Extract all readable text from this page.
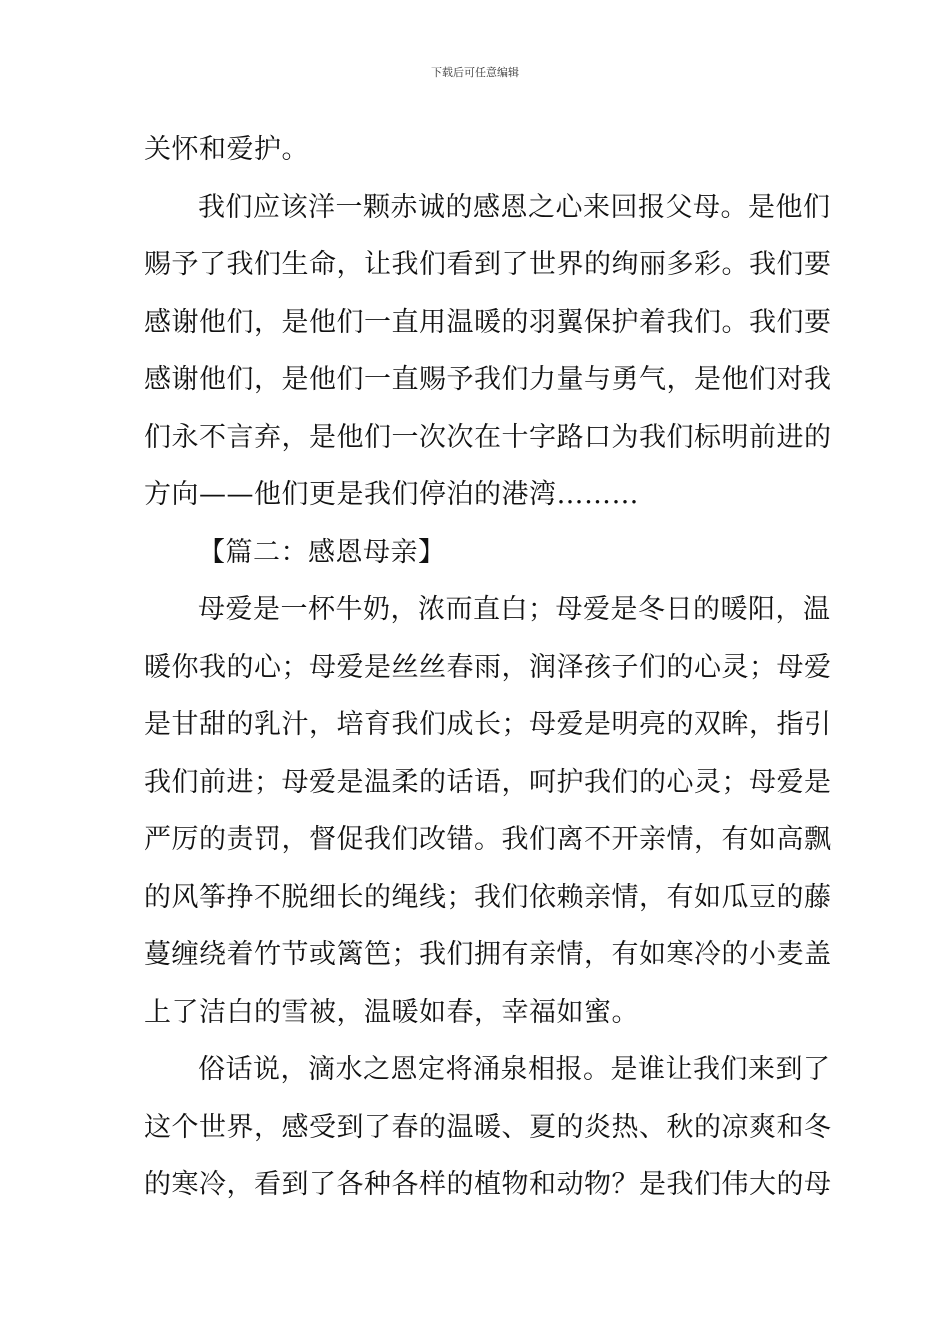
下载后可任意编辑
关怀和爱护。
我们应该洋一颗赤诚的感恩之心来回报父母。是他们
赐予了我们生命，让我们看到了世界的绚丽多彩。我们要
感谢他们，是他们一直用温暖的羽翼保护着我们。我们要
感谢他们，是他们一直赐予我们力量与勇气，是他们对我
们永不言弃，是他们一次次在十字路口为我们标明前进的
方向——他们更是我们停泊的港湾………
【篇二：感恩母亲】
母爱是一杯牛奶，浓而直白；母爱是冬日的暖阳，温
暖你我的心；母爱是丝丝春雨，润泽孩子们的心灵；母爱
是甘甜的乳汁，培育我们成长；母爱是明亮的双眸，指引
我们前进；母爱是温柔的话语，呵护我们的心灵；母爱是
严厉的责罚，督促我们改错。我们离不开亲情，有如高飘
的风筝挣不脱细长的绳线；我们依赖亲情，有如瓜豆的藤
蔓缠绕着竹节或篱笆；我们拥有亲情，有如寒冷的小麦盖
上了洁白的雪被，温暖如春，幸福如蜜。
俗话说，滴水之恩定将涌泉相报。是谁让我们来到了
这个世界，感受到了春的温暖、夏的炎热、秋的凉爽和冬
的寒冷，看到了各种各样的植物和动物？是我们伟大的母
